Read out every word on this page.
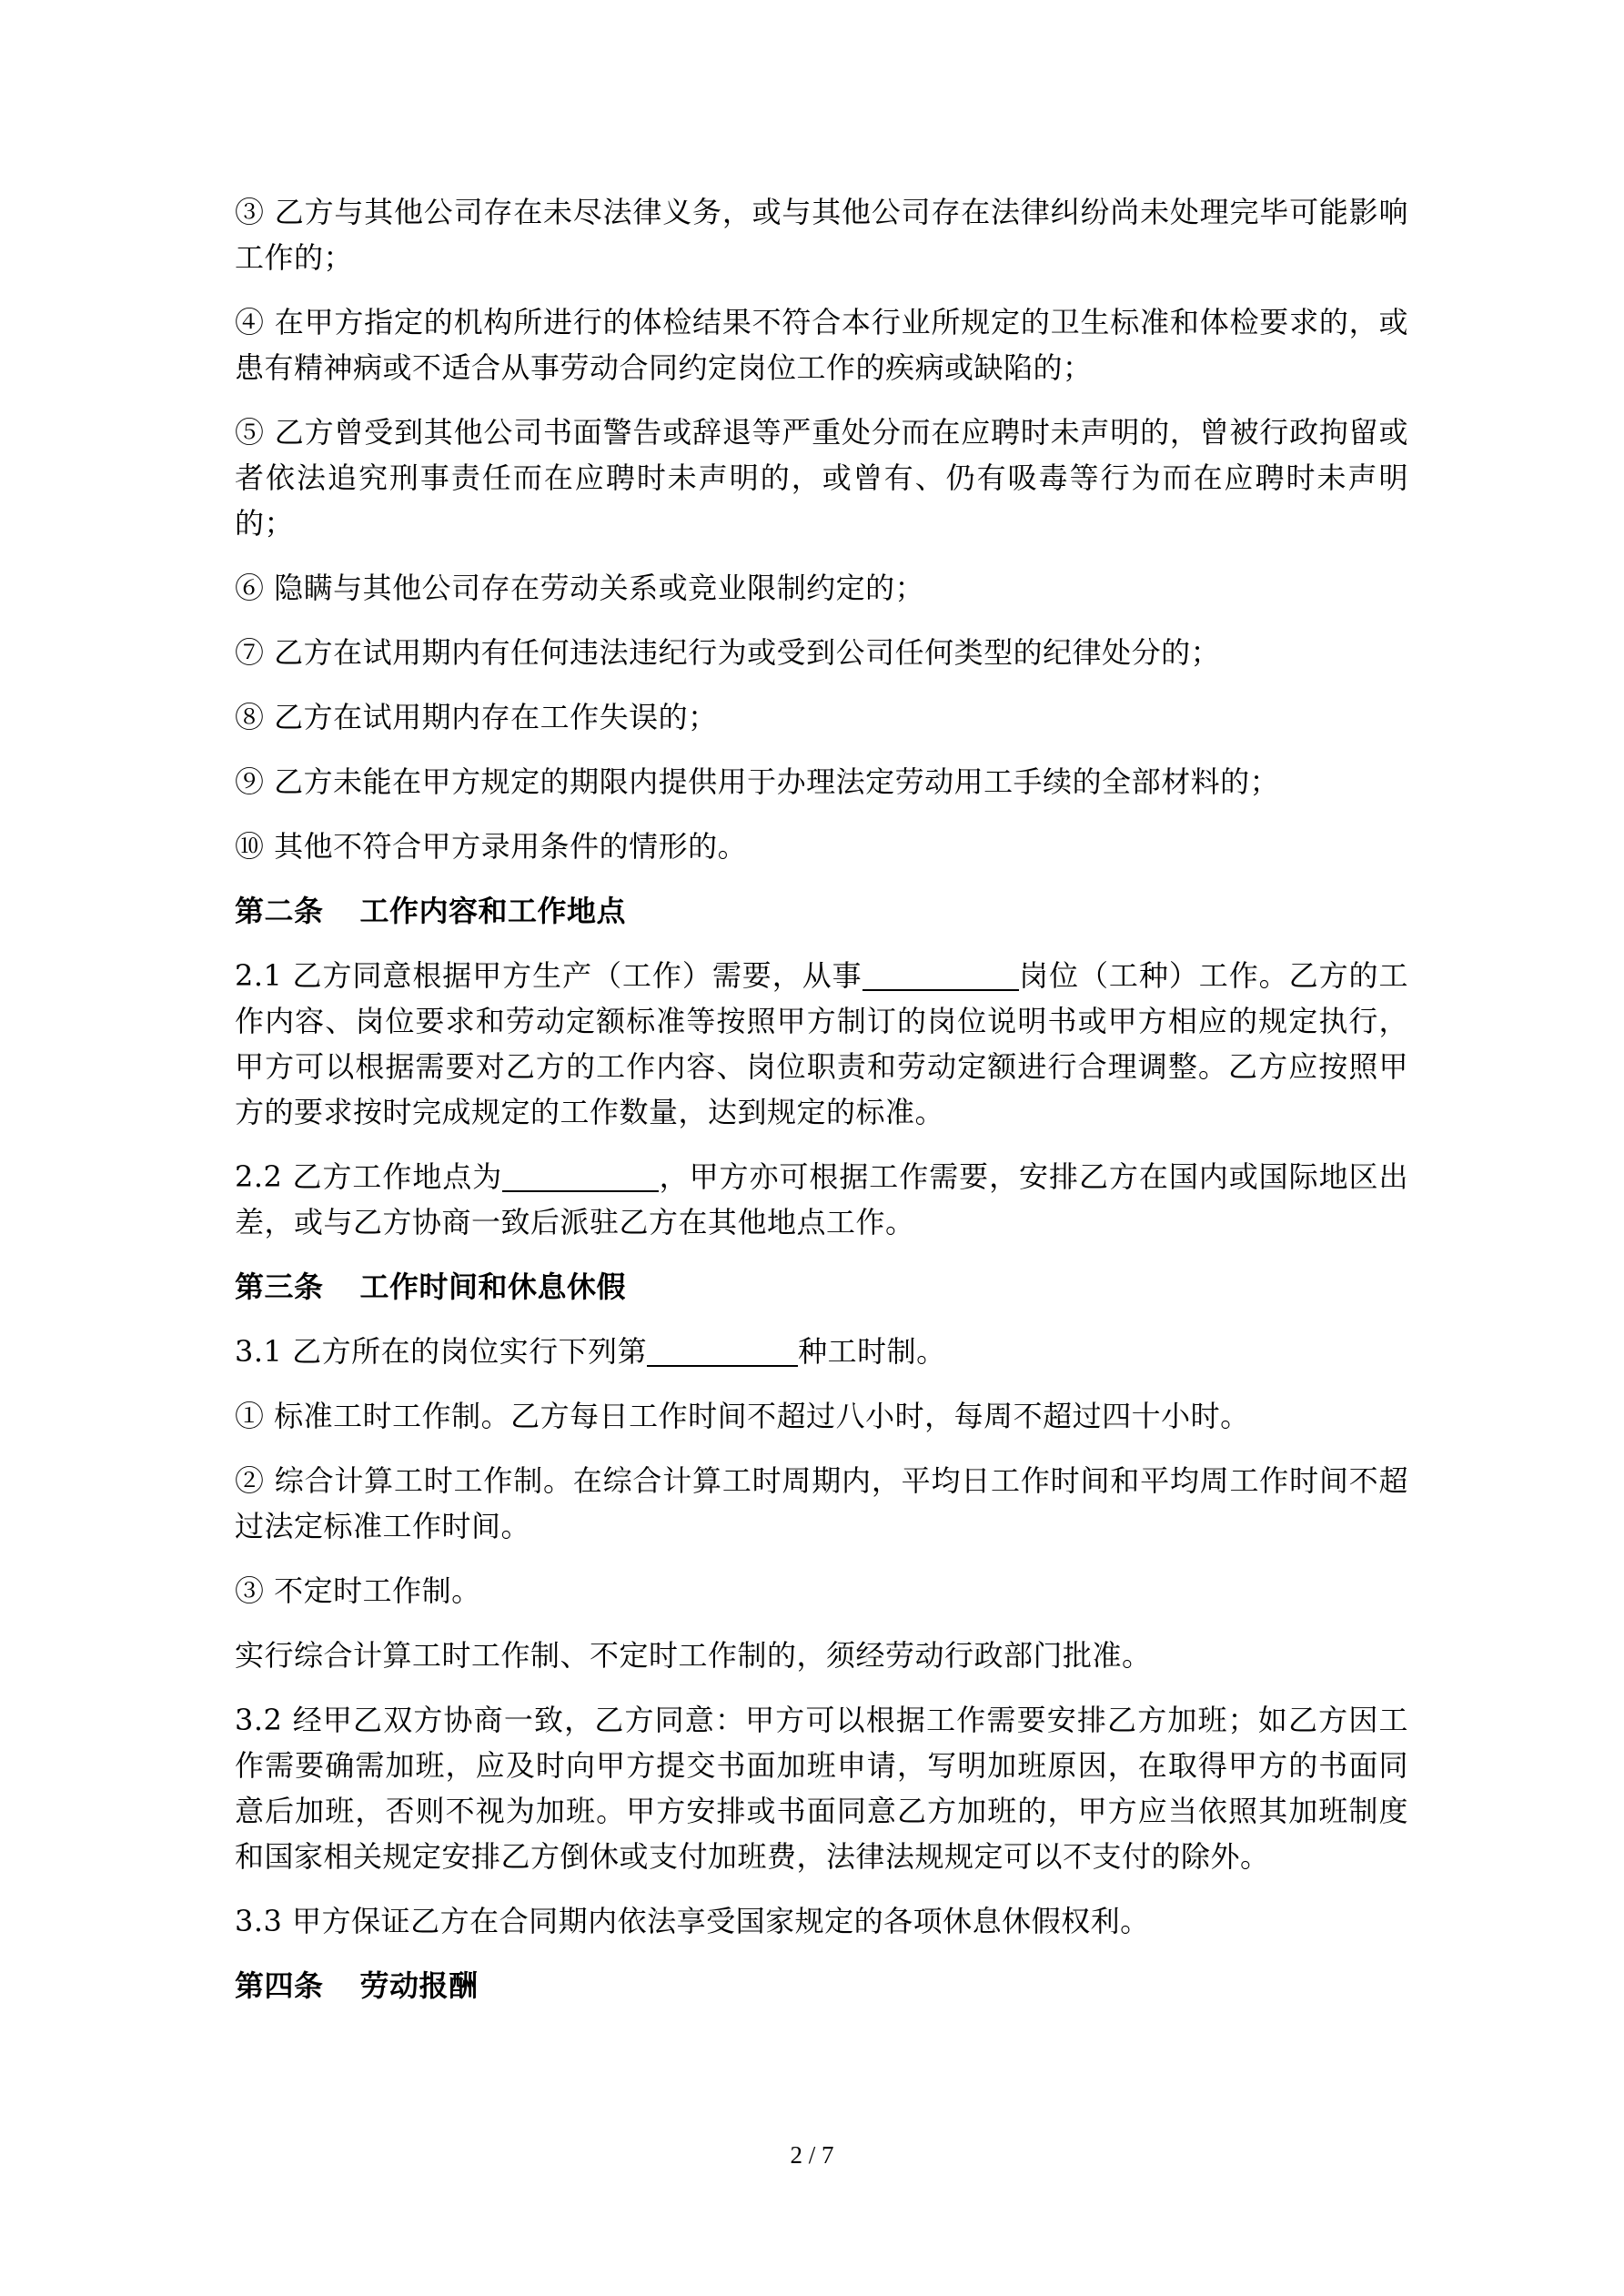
③ 乙方与其他公司存在未尽法律义务，或与其他公司存在法律纠纷尚未处理完毕可能影响工作的；

④ 在甲方指定的机构所进行的体检结果不符合本行业所规定的卫生标准和体检要求的，或患有精神病或不适合从事劳动合同约定岗位工作的疾病或缺陷的；

⑤ 乙方曾受到其他公司书面警告或辞退等严重处分而在应聘时未声明的，曾被行政拘留或者依法追究刑事责任而在应聘时未声明的，或曾有、仍有吸毒等行为而在应聘时未声明的；

⑥ 隐瞒与其他公司存在劳动关系或竞业限制约定的；

⑦ 乙方在试用期内有任何违法违纪行为或受到公司任何类型的纪律处分的；

⑧ 乙方在试用期内存在工作失误的；

⑨ 乙方未能在甲方规定的期限内提供用于办理法定劳动用工手续的全部材料的；

⑩ 其他不符合甲方录用条件的情形的。

第二条 工作内容和工作地点

2.1 乙方同意根据甲方生产（工作）需要，从事	岗位（工种）工作。乙方的工作内容、岗位要求和劳动定额标准等按照甲方制订的岗位说明书或甲方相应的规定执行，甲方可以根据需要对乙方的工作内容、岗位职责和劳动定额进行合理调整。乙方应按照甲方的要求按时完成规定的工作数量，达到规定的标准。

2.2 乙方工作地点为	，甲方亦可根据工作需要，安排乙方在国内或国际地区出差，或与乙方协商一致后派驻乙方在其他地点工作。

第三条 工作时间和休息休假

3.1 乙方所在的岗位实行下列第	种工时制。

① 标准工时工作制。乙方每日工作时间不超过八小时，每周不超过四十小时。

② 综合计算工时工作制。在综合计算工时周期内，平均日工作时间和平均周工作时间不超过法定标准工作时间。

③ 不定时工作制。

实行综合计算工时工作制、不定时工作制的，须经劳动行政部门批准。

3.2 经甲乙双方协商一致，乙方同意：甲方可以根据工作需要安排乙方加班；如乙方因工作需要确需加班，应及时向甲方提交书面加班申请，写明加班原因，在取得甲方的书面同意后加班，否则不视为加班。甲方安排或书面同意乙方加班的，甲方应当依照其加班制度和国家相关规定安排乙方倒休或支付加班费，法律法规规定可以不支付的除外。

3.3 甲方保证乙方在合同期内依法享受国家规定的各项休息休假权利。

第四条 劳动报酬

2 / 7
